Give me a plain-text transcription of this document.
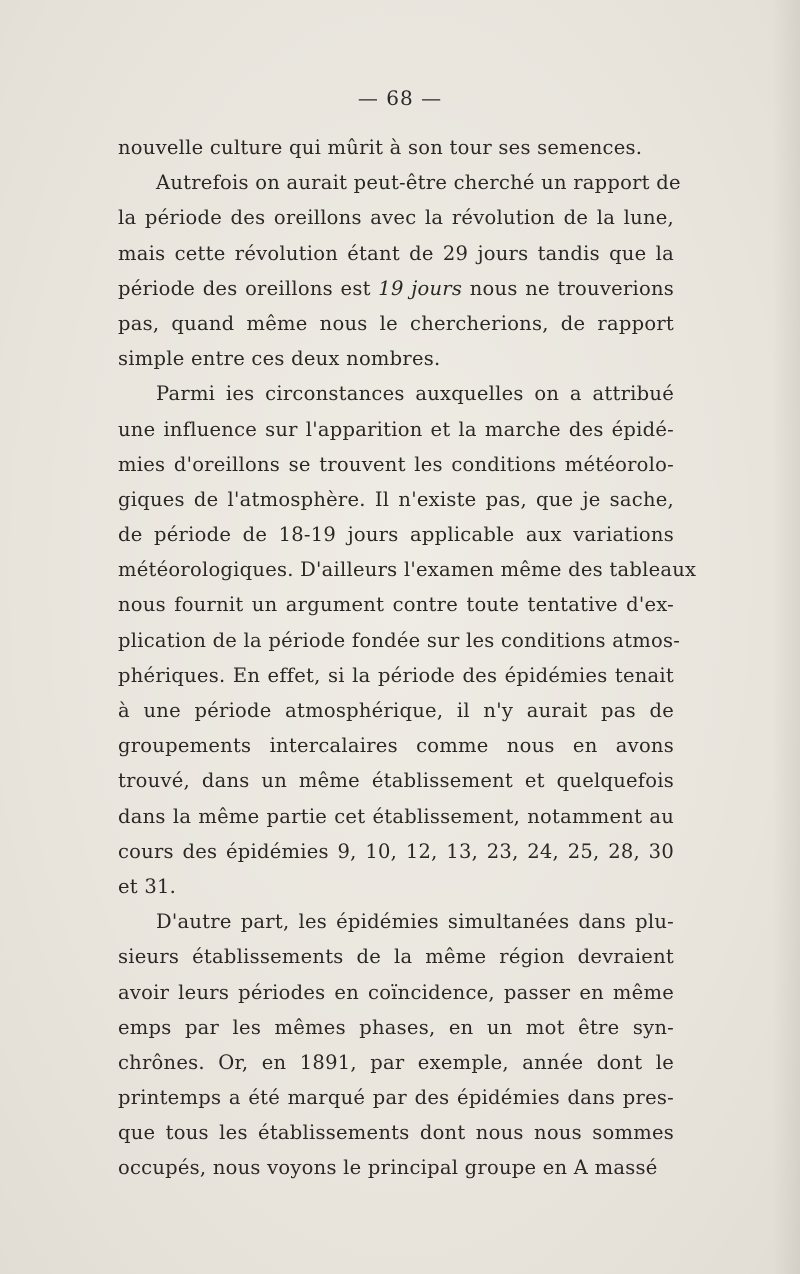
— 68 —
nouvelle culture qui mûrit à son tour ses semences.
Autrefois on aurait peut-être cherché un rapport de
la période des oreillons avec la révolution de la lune,
mais cette révolution étant de 29 jours tandis que la
période des oreillons est 19 jours nous ne trouverions
pas, quand même nous le chercherions, de rapport
simple entre ces deux nombres.
Parmi ies circonstances auxquelles on a attribué
une influence sur l'apparition et la marche des épidé-
mies d'oreillons se trouvent les conditions météorolo-
giques de l'atmosphère. Il n'existe pas, que je sache,
de période de 18-19 jours applicable aux variations
météorologiques. D'ailleurs l'examen même des tableaux
nous fournit un argument contre toute tentative d'ex-
plication de la période fondée sur les conditions atmos-
phériques. En effet, si la période des épidémies tenait
à une période atmosphérique, il n'y aurait pas de
groupements intercalaires comme nous en avons
trouvé, dans un même établissement et quelquefois
dans la même partie cet établissement, notamment au
cours des épidémies 9, 10, 12, 13, 23, 24, 25, 28, 30
et 31.
D'autre part, les épidémies simultanées dans plu-
sieurs établissements de la même région devraient
avoir leurs périodes en coïncidence, passer en même
emps par les mêmes phases, en un mot être syn-
chrônes. Or, en 1891, par exemple, année dont le
printemps a été marqué par des épidémies dans pres-
que tous les établissements dont nous nous sommes
occupés, nous voyons le principal groupe en A massé
